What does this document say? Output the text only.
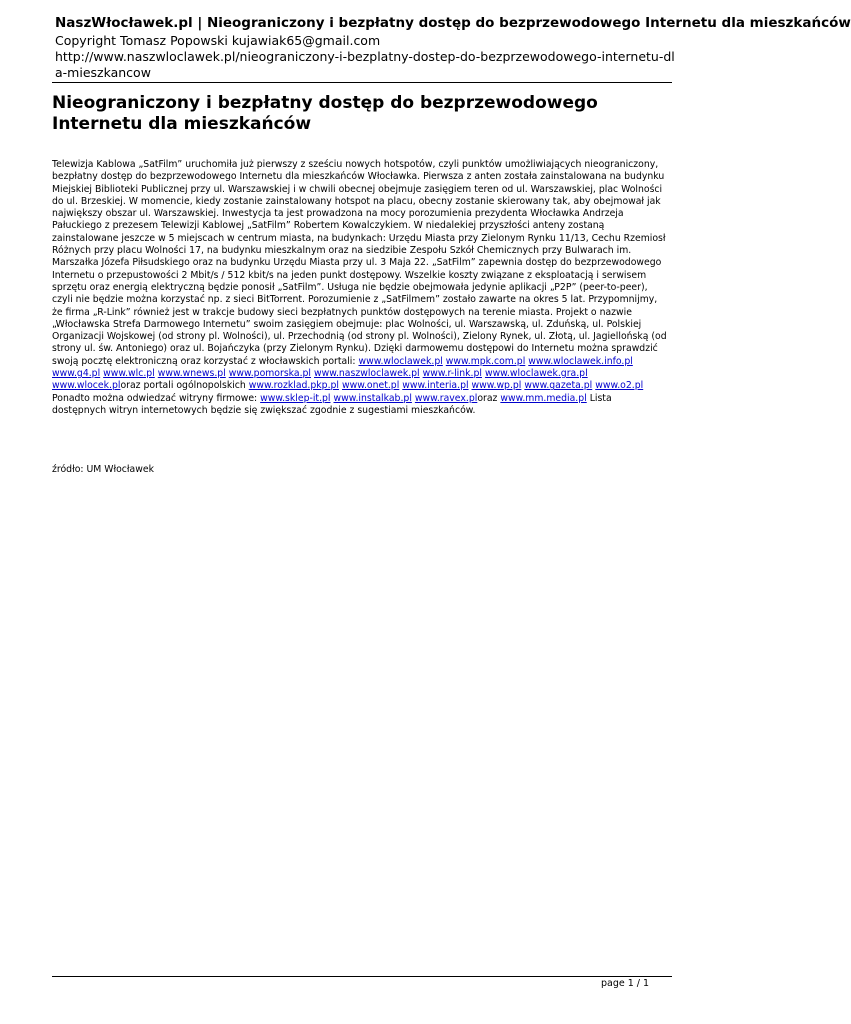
NaszWłocławek.pl | Nieograniczony i bezpłatny dostęp do bezprzewodowego Internetu dla mieszkańców
Copyright Tomasz Popowski kujawiak65@gmail.com
http://www.naszwloclawek.pl/nieograniczony-i-bezplatny-dostep-do-bezprzewodowego-internetu-dla-mieszkancow
Nieograniczony i bezpłatny dostęp do bezprzewodowego Internetu dla mieszkańców

Telewizja Kablowa „SatFilm” uruchomiła już pierwszy z sześciu nowych hotspotów, czyli punktów umożliwiających nieograniczony, bezpłatny dostęp do bezprzewodowego Internetu dla mieszkańców Włocławka. Pierwsza z anten została zainstalowana na budynku Miejskiej Biblioteki Publicznej przy ul. Warszawskiej i w chwili obecnej obejmuje zasięgiem teren od ul. Warszawskiej, plac Wolności do ul. Brzeskiej. W momencie, kiedy zostanie zainstalowany hotspot na placu, obecny zostanie skierowany tak, aby obejmował jak największy obszar ul. Warszawskiej. Inwestycja ta jest prowadzona na mocy porozumienia prezydenta Włocławka Andrzeja Pałuckiego z prezesem Telewizji Kablowej „SatFilm” Robertem Kowalczykiem. W niedalekiej przyszłości anteny zostaną zainstalowane jeszcze w 5 miejscach w centrum miasta, na budynkach: Urzędu Miasta przy Zielonym Rynku 11/13, Cechu Rzemiosł Różnych przy placu Wolności 17, na budynku mieszkalnym oraz na siedzibie Zespołu Szkół Chemicznych przy Bulwarach im. Marszałka Józefa Piłsudskiego oraz na budynku Urzędu Miasta przy ul. 3 Maja 22. „SatFilm” zapewnia dostęp do bezprzewodowego Internetu o przepustowości 2 Mbit/s / 512 kbit/s na jeden punkt dostępowy. Wszelkie koszty związane z eksploatacją i serwisem sprzętu oraz energią elektryczną będzie ponosił „SatFilm”. Usługa nie będzie obejmowała jedynie aplikacji „P2P” (peer-to-peer), czyli nie będzie można korzystać np. z sieci BitTorrent. Porozumienie z „SatFilmem” zostało zawarte na okres 5 lat. Przypomnijmy, że firma „R-Link” również jest w trakcje budowy sieci bezpłatnych punktów dostępowych na terenie miasta. Projekt o nazwie „Włocławska Strefa Darmowego Internetu” swoim zasięgiem obejmuje: plac Wolności, ul. Warszawską, ul. Zduńską, ul. Polskiej Organizacji Wojskowej (od strony pl. Wolności), ul. Przechodnią (od strony pl. Wolności), Zielony Rynek, ul. Złotą, ul. Jagiellońską (od strony ul. św. Antoniego) oraz ul. Bojańczyka (przy Zielonym Rynku). Dzięki darmowemu dostępowi do Internetu można sprawdzić swoją pocztę elektroniczną oraz korzystać z włocławskich portali: www.wloclawek.pl www.mpk.com.pl www.wloclawek.info.pl www.g4.pl www.wlc.pl www.wnews.pl www.pomorska.pl www.naszwloclawek.pl www.r-link.pl www.wloclawek.gra.pl www.wlocek.ploraz portali ogólnopolskich www.rozklad.pkp.pl www.onet.pl www.interia.pl www.wp.pl www.gazeta.pl www.o2.pl Ponadto można odwiedzać witryny firmowe: www.sklep-it.pl www.instalkab.pl www.ravex.ploraz www.mm.media.pl Lista dostępnych witryn internetowych będzie się zwiększać zgodnie z sugestiami mieszkańców.

źródło: UM Włocławek

page 1 / 1
